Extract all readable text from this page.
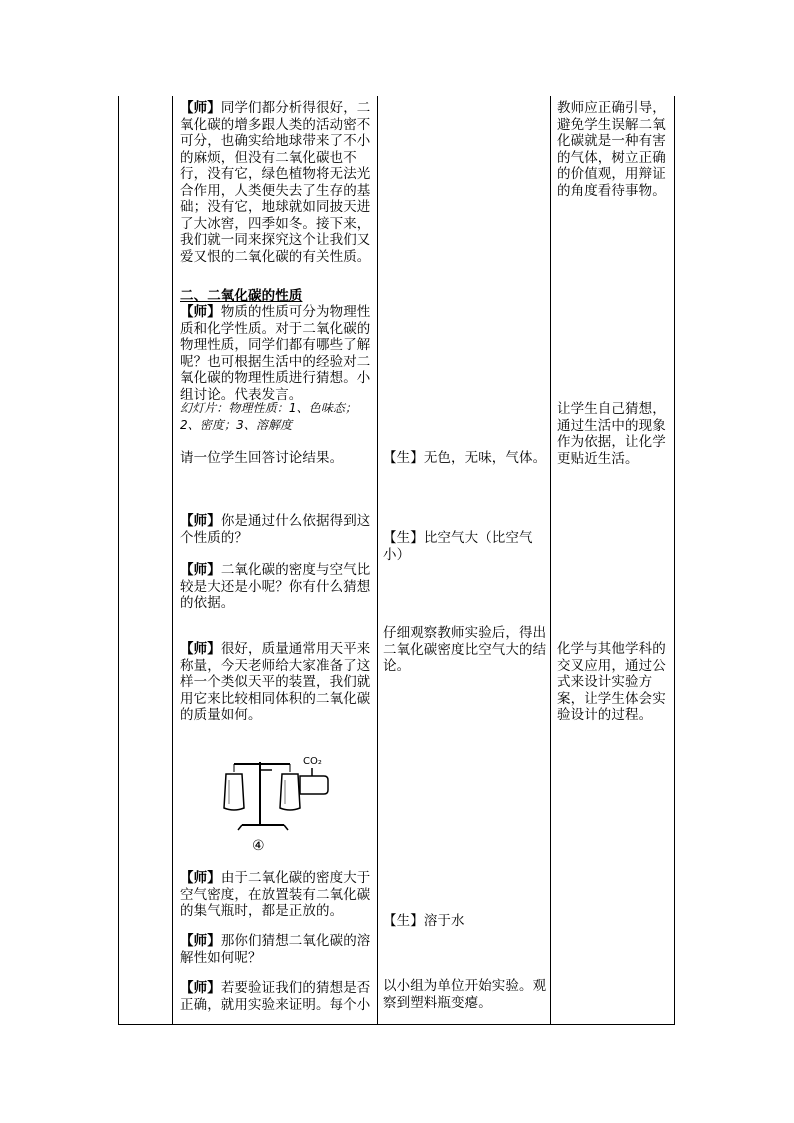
【师】同学们都分析得很好，二氧化碳的增多跟人类的活动密不可分，也确实给地球带来了不小的麻烦，但没有二氧化碳也不行，没有它，绿色植物将无法光合作用，人类便失去了生存的基础；没有它，地球就如同披天进了大冰窖，四季如冬。接下来，我们就一同来探究这个让我们又爱又恨的二氧化碳的有关性质。

二、二氧化碳的性质

【师】物质的性质可分为物理性质和化学性质。对于二氧化碳的物理性质，同学们都有哪些了解呢？也可根据生活中的经验对二氧化碳的物理性质进行猜想。小组讨论。代表发言。

幻灯片：物理性质：1、色味态；2、密度；3、溶解度

请一位学生回答讨论结果。

【师】你是通过什么依据得到这个性质的？

【师】二氧化碳的密度与空气比较是大还是小呢？你有什么猜想的依据。

【师】很好，质量通常用天平来称量，今天老师给大家准备了这样一个类似天平的装置，我们就用它来比较相同体积的二氧化碳的质量如何。

【师】由于二氧化碳的密度大于空气密度，在放置装有二氧化碳的集气瓶时，都是正放的。

【师】那你们猜想二氧化碳的溶解性如何呢？

【师】若要验证我们的猜想是否正确，就用实验来证明。每个小

CO₂
④

【生】无色，无味，气体。

【生】比空气大（比空气小）

仔细观察教师实验后，得出二氧化碳密度比空气大的结论。

【生】溶于水

以小组为单位开始实验。观察到塑料瓶变瘪。

教师应正确引导，避免学生误解二氧化碳就是一种有害的气体，树立正确的价值观，用辩证的角度看待事物。

让学生自己猜想，通过生活中的现象作为依据，让化学更贴近生活。

化学与其他学科的交叉应用，通过公式来设计实验方案，让学生体会实验设计的过程。
